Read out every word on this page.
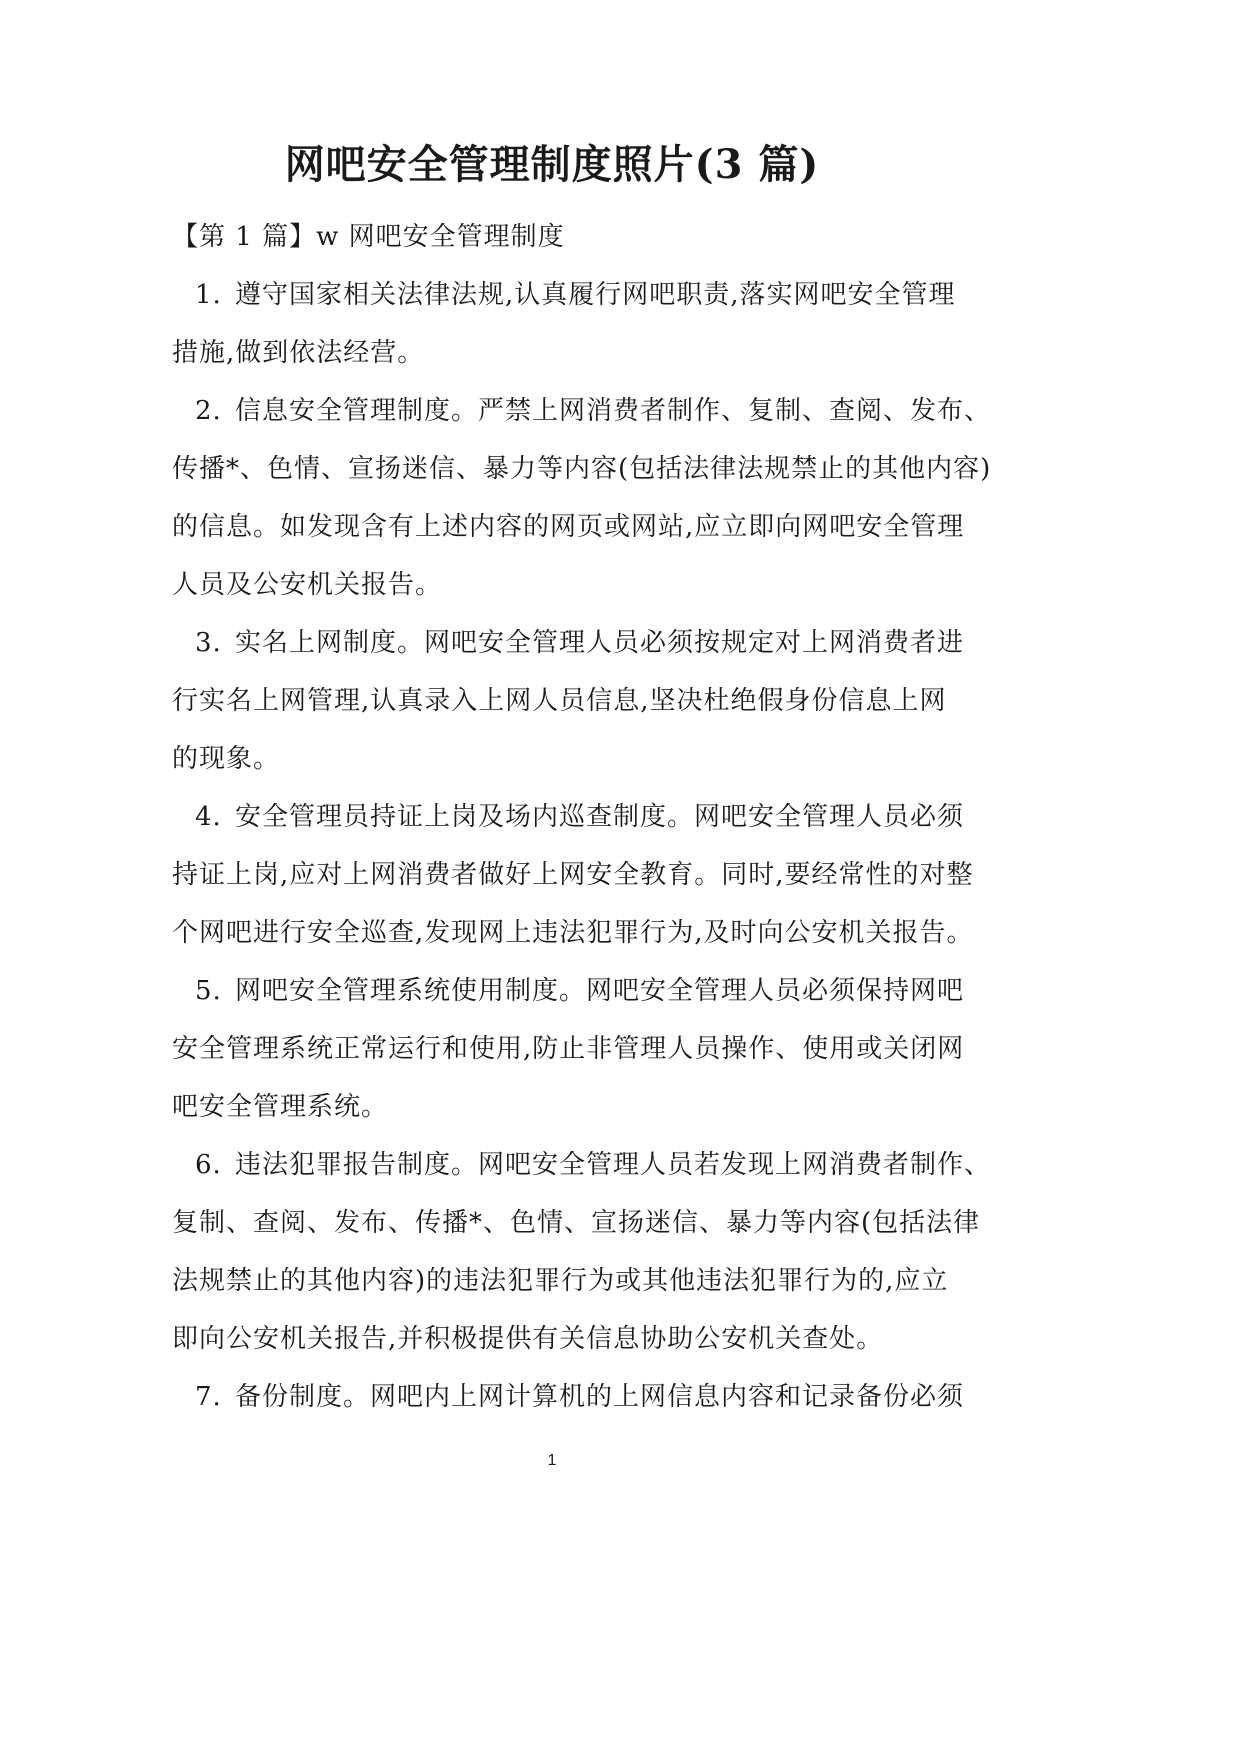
网吧安全管理制度照片(3 篇)
【第 1 篇】w 网吧安全管理制度
1. 遵守国家相关法律法规,认真履行网吧职责,落实网吧安全管理
措施,做到依法经营。
2. 信息安全管理制度。严禁上网消费者制作、复制、查阅、发布、
传播*、色情、宣扬迷信、暴力等内容(包括法律法规禁止的其他内容)
的信息。如发现含有上述内容的网页或网站,应立即向网吧安全管理
人员及公安机关报告。
3. 实名上网制度。网吧安全管理人员必须按规定对上网消费者进
行实名上网管理,认真录入上网人员信息,坚决杜绝假身份信息上网
的现象。
4. 安全管理员持证上岗及场内巡查制度。网吧安全管理人员必须
持证上岗,应对上网消费者做好上网安全教育。同时,要经常性的对整
个网吧进行安全巡查,发现网上违法犯罪行为,及时向公安机关报告。
5. 网吧安全管理系统使用制度。网吧安全管理人员必须保持网吧
安全管理系统正常运行和使用,防止非管理人员操作、使用或关闭网
吧安全管理系统。
6. 违法犯罪报告制度。网吧安全管理人员若发现上网消费者制作、
复制、查阅、发布、传播*、色情、宣扬迷信、暴力等内容(包括法律
法规禁止的其他内容)的违法犯罪行为或其他违法犯罪行为的,应立
即向公安机关报告,并积极提供有关信息协助公安机关查处。
7. 备份制度。网吧内上网计算机的上网信息内容和记录备份必须
1
